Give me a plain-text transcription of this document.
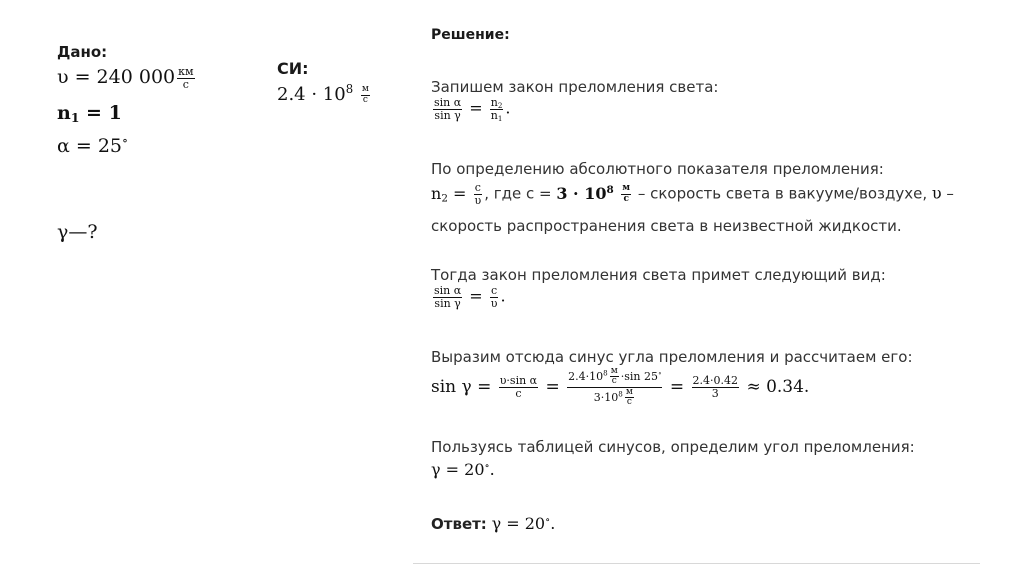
Дано:
υ = 240 $000 \frac{км}{с}$
$n_1 = 1$
α = 25∘
γ—?
СИ:
$2.4 \cdot 10^8 \frac{м}{с}$
Решение:
Запишем закон преломления света:
$\frac{\text{sin α}}{\text{sin γ}} = \frac{n_2}{n_1}$ .
По определению абсолютного показателя преломления:
$n_2 = \frac{c}{\upsilon}$ , где $с = 3 \cdot 10^8 \frac{м}{с}$ – скорость света в вакууме/воздухе, υ –
скорость распространения света в неизвестной жидкости.
Тогда закон преломления света примет следующий вид:
$\frac{\text{sin α}}{\text{sin γ}} = \frac{c}{\upsilon}$ .
Выразим отсюда синус угла преломления и рассчитаем его:
$\sin \gamma = \frac{\text{υ·sin α}}{c} = \frac{2.4\cdot 10^8 \frac{м}{с} \cdot\sin 25^\circ}{3\cdot 10^8 \frac{м}{с}} = \frac{2.4\cdot 0.42}{3} \approx 0.34$.
Пользуясь таблицей синусов, определим угол преломления:
γ = 20∘.
Ответ: γ = 20∘.
